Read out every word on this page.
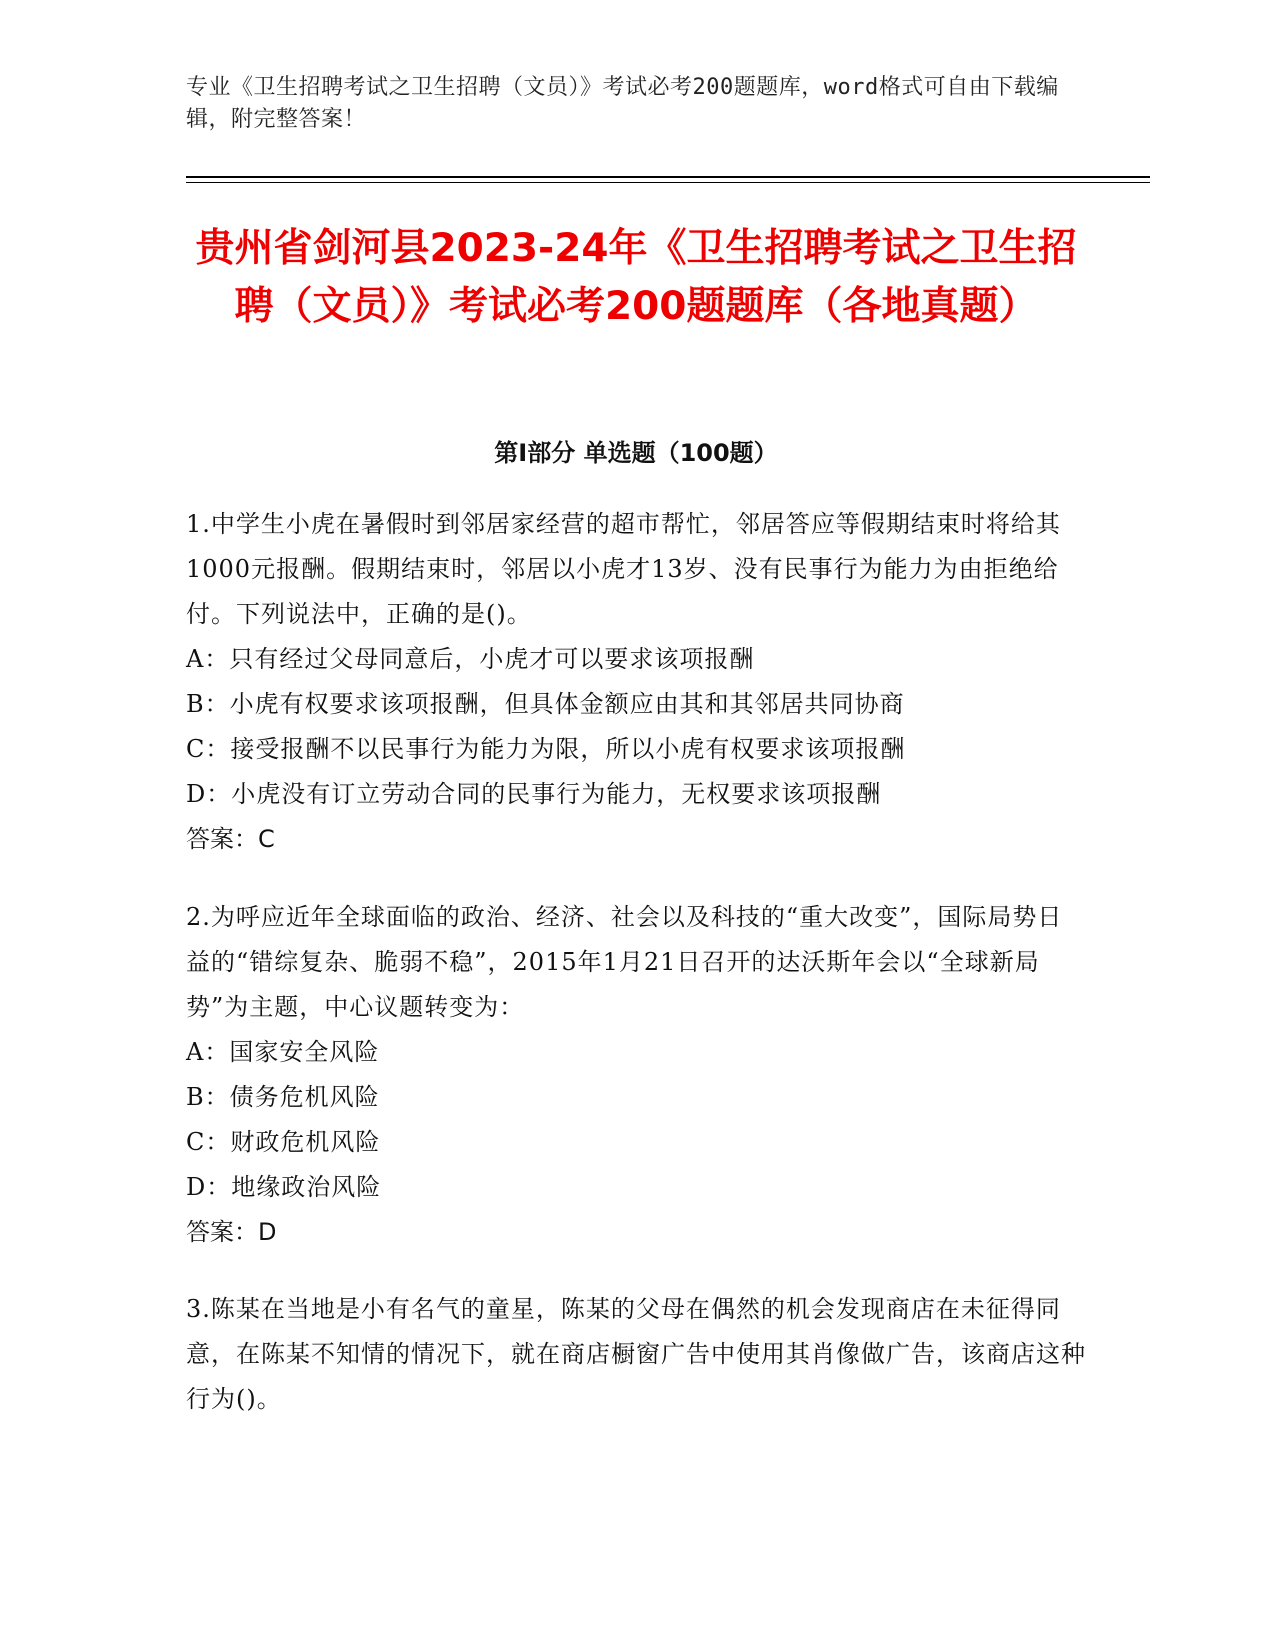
专业《卫生招聘考试之卫生招聘（文员）》考试必考200题题库，word格式可自由下载编辑，附完整答案！
贵州省剑河县2023-24年《卫生招聘考试之卫生招聘（文员）》考试必考200题题库（各地真题）
第Ⅰ部分 单选题（100题）
1.中学生小虎在暑假时到邻居家经营的超市帮忙，邻居答应等假期结束时将给其1000元报酬。假期结束时，邻居以小虎才13岁、没有民事行为能力为由拒绝给付。下列说法中，正确的是()。
A：只有经过父母同意后，小虎才可以要求该项报酬
B：小虎有权要求该项报酬，但具体金额应由其和其邻居共同协商
C：接受报酬不以民事行为能力为限，所以小虎有权要求该项报酬
D：小虎没有订立劳动合同的民事行为能力，无权要求该项报酬
答案：C
2.为呼应近年全球面临的政治、经济、社会以及科技的“重大改变”，国际局势日益的“错综复杂、脆弱不稳”，2015年1月21日召开的达沃斯年会以“全球新局势”为主题，中心议题转变为：
A：国家安全风险
B：债务危机风险
C：财政危机风险
D：地缘政治风险
答案：D
3.陈某在当地是小有名气的童星，陈某的父母在偶然的机会发现商店在未征得同意，在陈某不知情的情况下，就在商店橱窗广告中使用其肖像做广告，该商店这种行为()。
